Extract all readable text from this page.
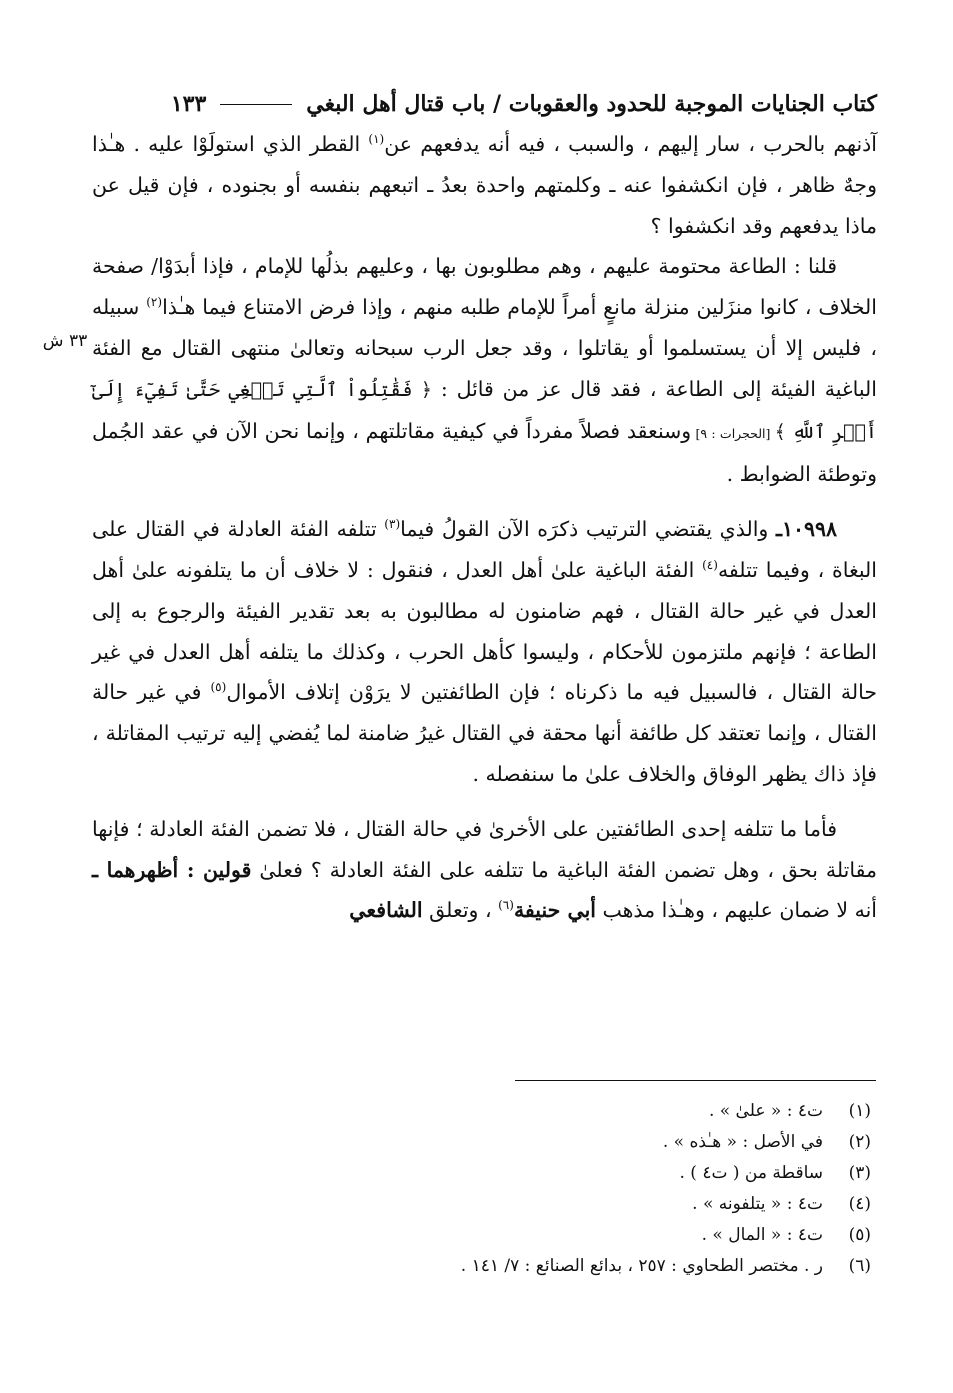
كتاب الجنايات الموجبة للحدود والعقوبات / باب قتال أهل البغي
١٣٣
٣٣ ش

آذنهم بالحرب ، سار إليهم ، والسبب ، فيه أنه يدفعهم عن$^{(١)}$ القطر الذي استولَوْا عليه . هـٰذا وجهٌ ظاهر ، فإن انكشفوا عنه ـ وكلمتهم واحدة بعدُ ـ اتبعهم بنفسه أو بجنوده ، فإن قيل عن ماذا يدفعهم وقد انكشفوا ؟

قلنا : الطاعة محتومة عليهم ، وهم مطلوبون بها ، وعليهم بذلُها للإمام ، فإذا أبدَوْا/ صفحة الخلاف ، كانوا منزَلين منزلة مانعٍ أمراً للإمام طلبه منهم ، وإذا فرض الامتناع فيما هـٰذا$^{(٢)}$ سبيله ، فليس إلا أن يستسلموا أو يقاتلوا ، وقد جعل الرب سبحانه وتعالىٰ منتهى القتال مع الفئة الباغية الفيئة إلى الطاعة ، فقد قال عز من قائل : ﴿ فَقَٰتِلُواْ ٱلَّتِي تَبۡغِي حَتَّىٰ تَفِيٓءَ إِلَىٰٓ أَمۡرِ ٱللَّهِ ﴾ [الحجرات : ٩] وسنعقد فصلاً مفرداً في كيفية مقاتلتهم ، وإنما نحن الآن في عقد الجُمل وتوطئة الضوابط .

١٠٩٩٨ـ والذي يقتضي الترتيب ذكرَه الآن القولُ فيما$^{(٣)}$ تتلفه الفئة العادلة في القتال على البغاة ، وفيما تتلفه$^{(٤)}$ الفئة الباغية علىٰ أهل العدل ، فنقول : لا خلاف أن ما يتلفونه علىٰ أهل العدل في غير حالة القتال ، فهم ضامنون له مطالبون به بعد تقدير الفيئة والرجوع به إلى الطاعة ؛ فإنهم ملتزمون للأحكام ، وليسوا كأهل الحرب ، وكذلك ما يتلفه أهل العدل في غير حالة القتال ، فالسبيل فيه ما ذكرناه ؛ فإن الطائفتين لا يرَوْن إتلاف الأموال$^{(٥)}$ في غير حالة القتال ، وإنما تعتقد كل طائفة أنها محقة في القتال غيرُ ضامنة لما يُفضي إليه ترتيب المقاتلة ، فإذ ذاك يظهر الوفاق والخلاف علىٰ ما سنفصله .

فأما ما تتلفه إحدى الطائفتين على الأخرىٰ في حالة القتال ، فلا تضمن الفئة العادلة ؛ فإنها مقاتلة بحق ، وهل تضمن الفئة الباغية ما تتلفه على الفئة العادلة ؟ فعلىٰ قولين : أظهرهما ـ أنه لا ضمان عليهم ، وهـٰذا مذهب أبي حنيفة$^{(٦)}$ ، وتعلق الشافعي

(١)
ت٤ : « علىٰ » .
(٢)
في الأصل : « هـٰذه » .
(٣)
ساقطة من ( ت٤ ) .
(٤)
ت٤ : « يتلفونه » .
(٥)
ت٤ : « المال » .
(٦)
ر . مختصر الطحاوي : ٢٥٧ ، بدائع الصنائع : ٧/ ١٤١ .
